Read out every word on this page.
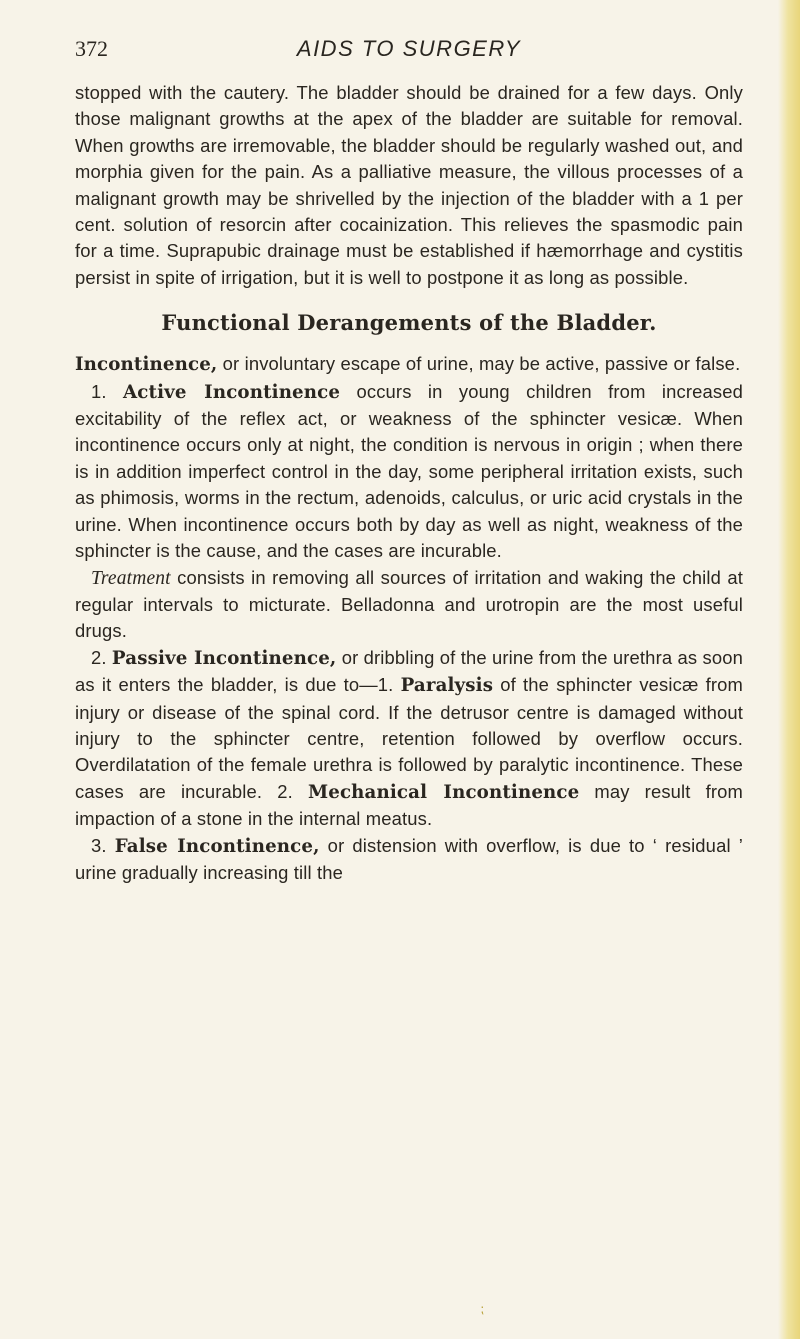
372	AIDS TO SURGERY

stopped with the cautery. The bladder should be drained for a few days. Only those malignant growths at the apex of the bladder are suitable for removal. When growths are irremovable, the bladder should be regularly washed out, and morphia given for the pain. As a palliative measure, the villous processes of a malignant growth may be shrivelled by the injection of the bladder with a 1 per cent. solution of resorcin after cocainization. This relieves the spasmodic pain for a time. Suprapubic drainage must be established if hæmorrhage and cystitis persist in spite of irrigation, but it is well to postpone it as long as possible.

Functional Derangements of the Bladder.

Incontinence, or involuntary escape of urine, may be active, passive or false.

1. Active Incontinence occurs in young children from increased excitability of the reflex act, or weakness of the sphincter vesicæ. When incontinence occurs only at night, the condition is nervous in origin ; when there is in addition imperfect control in the day, some peripheral irritation exists, such as phimosis, worms in the rectum, adenoids, calculus, or uric acid crystals in the urine. When incontinence occurs both by day as well as night, weakness of the sphincter is the cause, and the cases are incurable.

Treatment consists in removing all sources of irritation and waking the child at regular intervals to micturate. Belladonna and urotropin are the most useful drugs.

2. Passive Incontinence, or dribbling of the urine from the urethra as soon as it enters the bladder, is due to—1. Paralysis of the sphincter vesicæ from injury or disease of the spinal cord. If the detrusor centre is damaged without injury to the sphincter centre, retention followed by overflow occurs. Overdilatation of the female urethra is followed by paralytic incontinence. These cases are incurable. 2. Mechanical Incontinence may result from impaction of a stone in the internal meatus.

3. False Incontinence, or distension with overflow, is due to ‘ residual ’ urine gradually increasing till the

⁏
